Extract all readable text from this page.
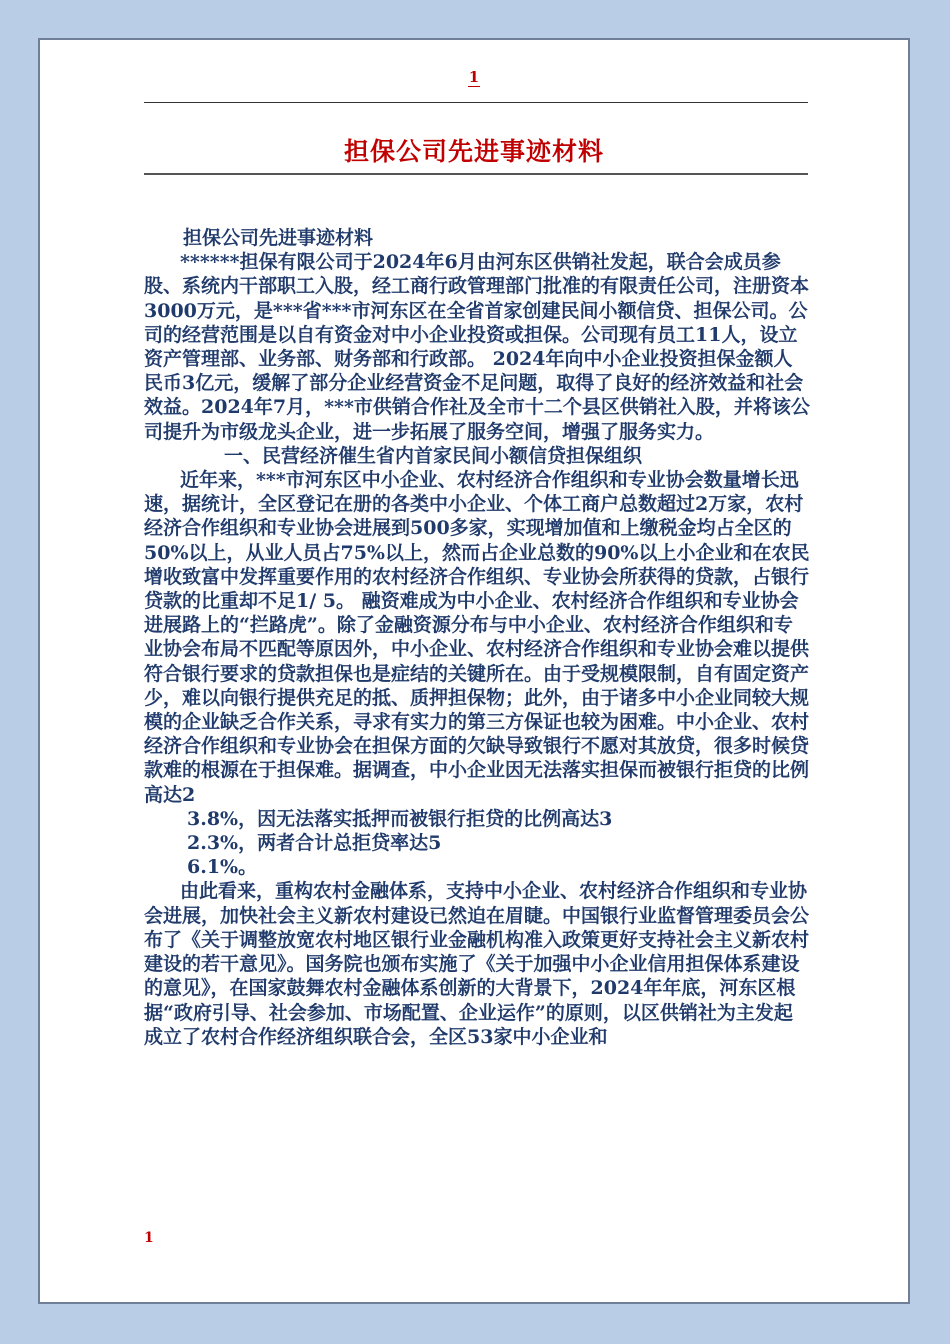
1
担保公司先进事迹材料

担保公司先进事迹材料

******担保有限公司于2024年6月由河东区供销社发起，联合会成员参股、系统内干部职工入股，经工商行政管理部门批准的有限责任公司，注册资本3000万元，是***省***市河东区在全省首家创建民间小额信贷、担保公司。公司的经营范围是以自有资金对中小企业投资或担保。公司现有员工11人，设立资产管理部、业务部、财务部和行政部。 2024年向中小企业投资担保金额人民币3亿元，缓解了部分企业经营资金不足问题，取得了良好的经济效益和社会效益。2024年7月，***市供销合作社及全市十二个县区供销社入股，并将该公司提升为市级龙头企业，进一步拓展了服务空间，增强了服务实力。

一、民营经济催生省内首家民间小额信贷担保组织

近年来，***市河东区中小企业、农村经济合作组织和专业协会数量增长迅速，据统计，全区登记在册的各类中小企业、个体工商户总数超过2万家，农村经济合作组织和专业协会进展到500多家，实现增加值和上缴税金均占全区的50%以上，从业人员占75%以上，然而占企业总数的90%以上小企业和在农民增收致富中发挥重要作用的农村经济合作组织、专业协会所获得的贷款，占银行贷款的比重却不足1/ 5。 融资难成为中小企业、农村经济合作组织和专业协会进展路上的“拦路虎”。除了金融资源分布与中小企业、农村经济合作组织和专业协会布局不匹配等原因外，中小企业、农村经济合作组织和专业协会难以提供符合银行要求的贷款担保也是症结的关键所在。由于受规模限制，自有固定资产少，难以向银行提供充足的抵、质押担保物；此外，由于诸多中小企业同较大规模的企业缺乏合作关系，寻求有实力的第三方保证也较为困难。中小企业、农村经济合作组织和专业协会在担保方面的欠缺导致银行不愿对其放贷，很多时候贷款难的根源在于担保难。据调查，中小企业因无法落实担保而被银行拒贷的比例高达2

3.8%，因无法落实抵押而被银行拒贷的比例高达3

2.3%，两者合计总拒贷率达5

6.1%。

由此看来，重构农村金融体系，支持中小企业、农村经济合作组织和专业协会进展，加快社会主义新农村建设已然迫在眉睫。中国银行业监督管理委员会公布了《关于调整放宽农村地区银行业金融机构准入政策更好支持社会主义新农村建设的若干意见》。国务院也颁布实施了《关于加强中小企业信用担保体系建设的意见》，在国家鼓舞农村金融体系创新的大背景下，2024年年底，河东区根据“政府引导、社会参加、市场配置、企业运作”的原则，以区供销社为主发起成立了农村合作经济组织联合会，全区53家中小企业和

1
